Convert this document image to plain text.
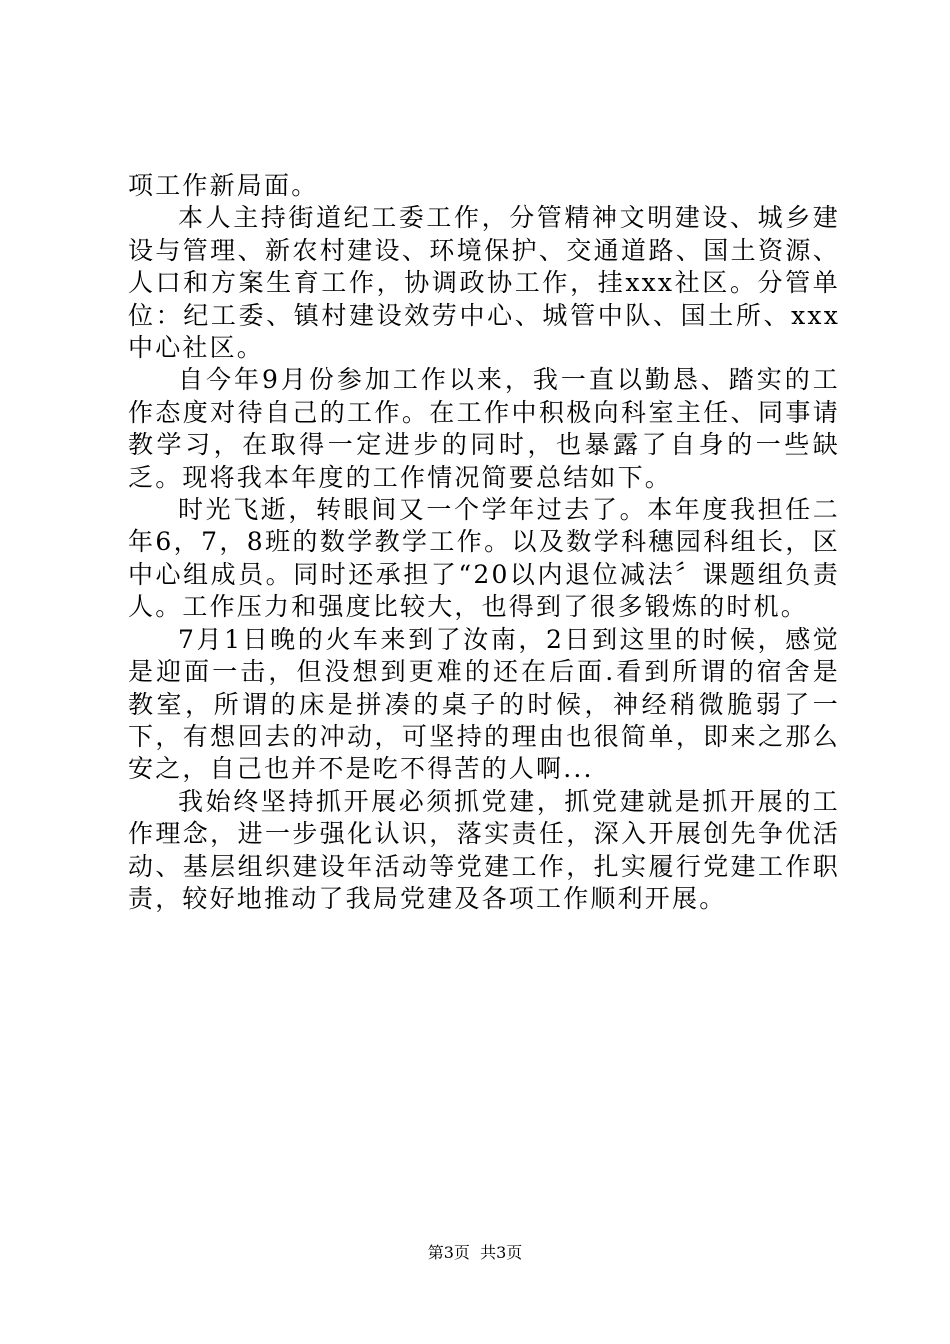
项工作新局面。

本人主持街道纪工委工作，分管精神文明建设、城乡建设与管理、新农村建设、环境保护、交通道路、国土资源、人口和方案生育工作，协调政协工作，挂xxx社区。分管单位：纪工委、镇村建设效劳中心、城管中队、国土所、xxx中心社区。

自今年9月份参加工作以来，我一直以勤恳、踏实的工作态度对待自己的工作。在工作中积极向科室主任、同事请教学习，在取得一定进步的同时，也暴露了自身的一些缺乏。现将我本年度的工作情况简要总结如下。

时光飞逝，转眼间又一个学年过去了。本年度我担任二年6，7，8班的数学教学工作。以及数学科穗园科组长，区中心组成员。同时还承担了“20以内退位减法〞课题组负责人。工作压力和强度比较大，也得到了很多锻炼的时机。

7月1日晚的火车来到了汝南，2日到这里的时候，感觉是迎面一击，但没想到更难的还在后面.看到所谓的宿舍是教室，所谓的床是拼凑的桌子的时候，神经稍微脆弱了一下，有想回去的冲动，可坚持的理由也很简单，即来之那么安之，自己也并不是吃不得苦的人啊...

我始终坚持抓开展必须抓党建，抓党建就是抓开展的工作理念，进一步强化认识，落实责任，深入开展创先争优活动、基层组织建设年活动等党建工作，扎实履行党建工作职责，较好地推动了我局党建及各项工作顺利开展。

第3页 共3页
